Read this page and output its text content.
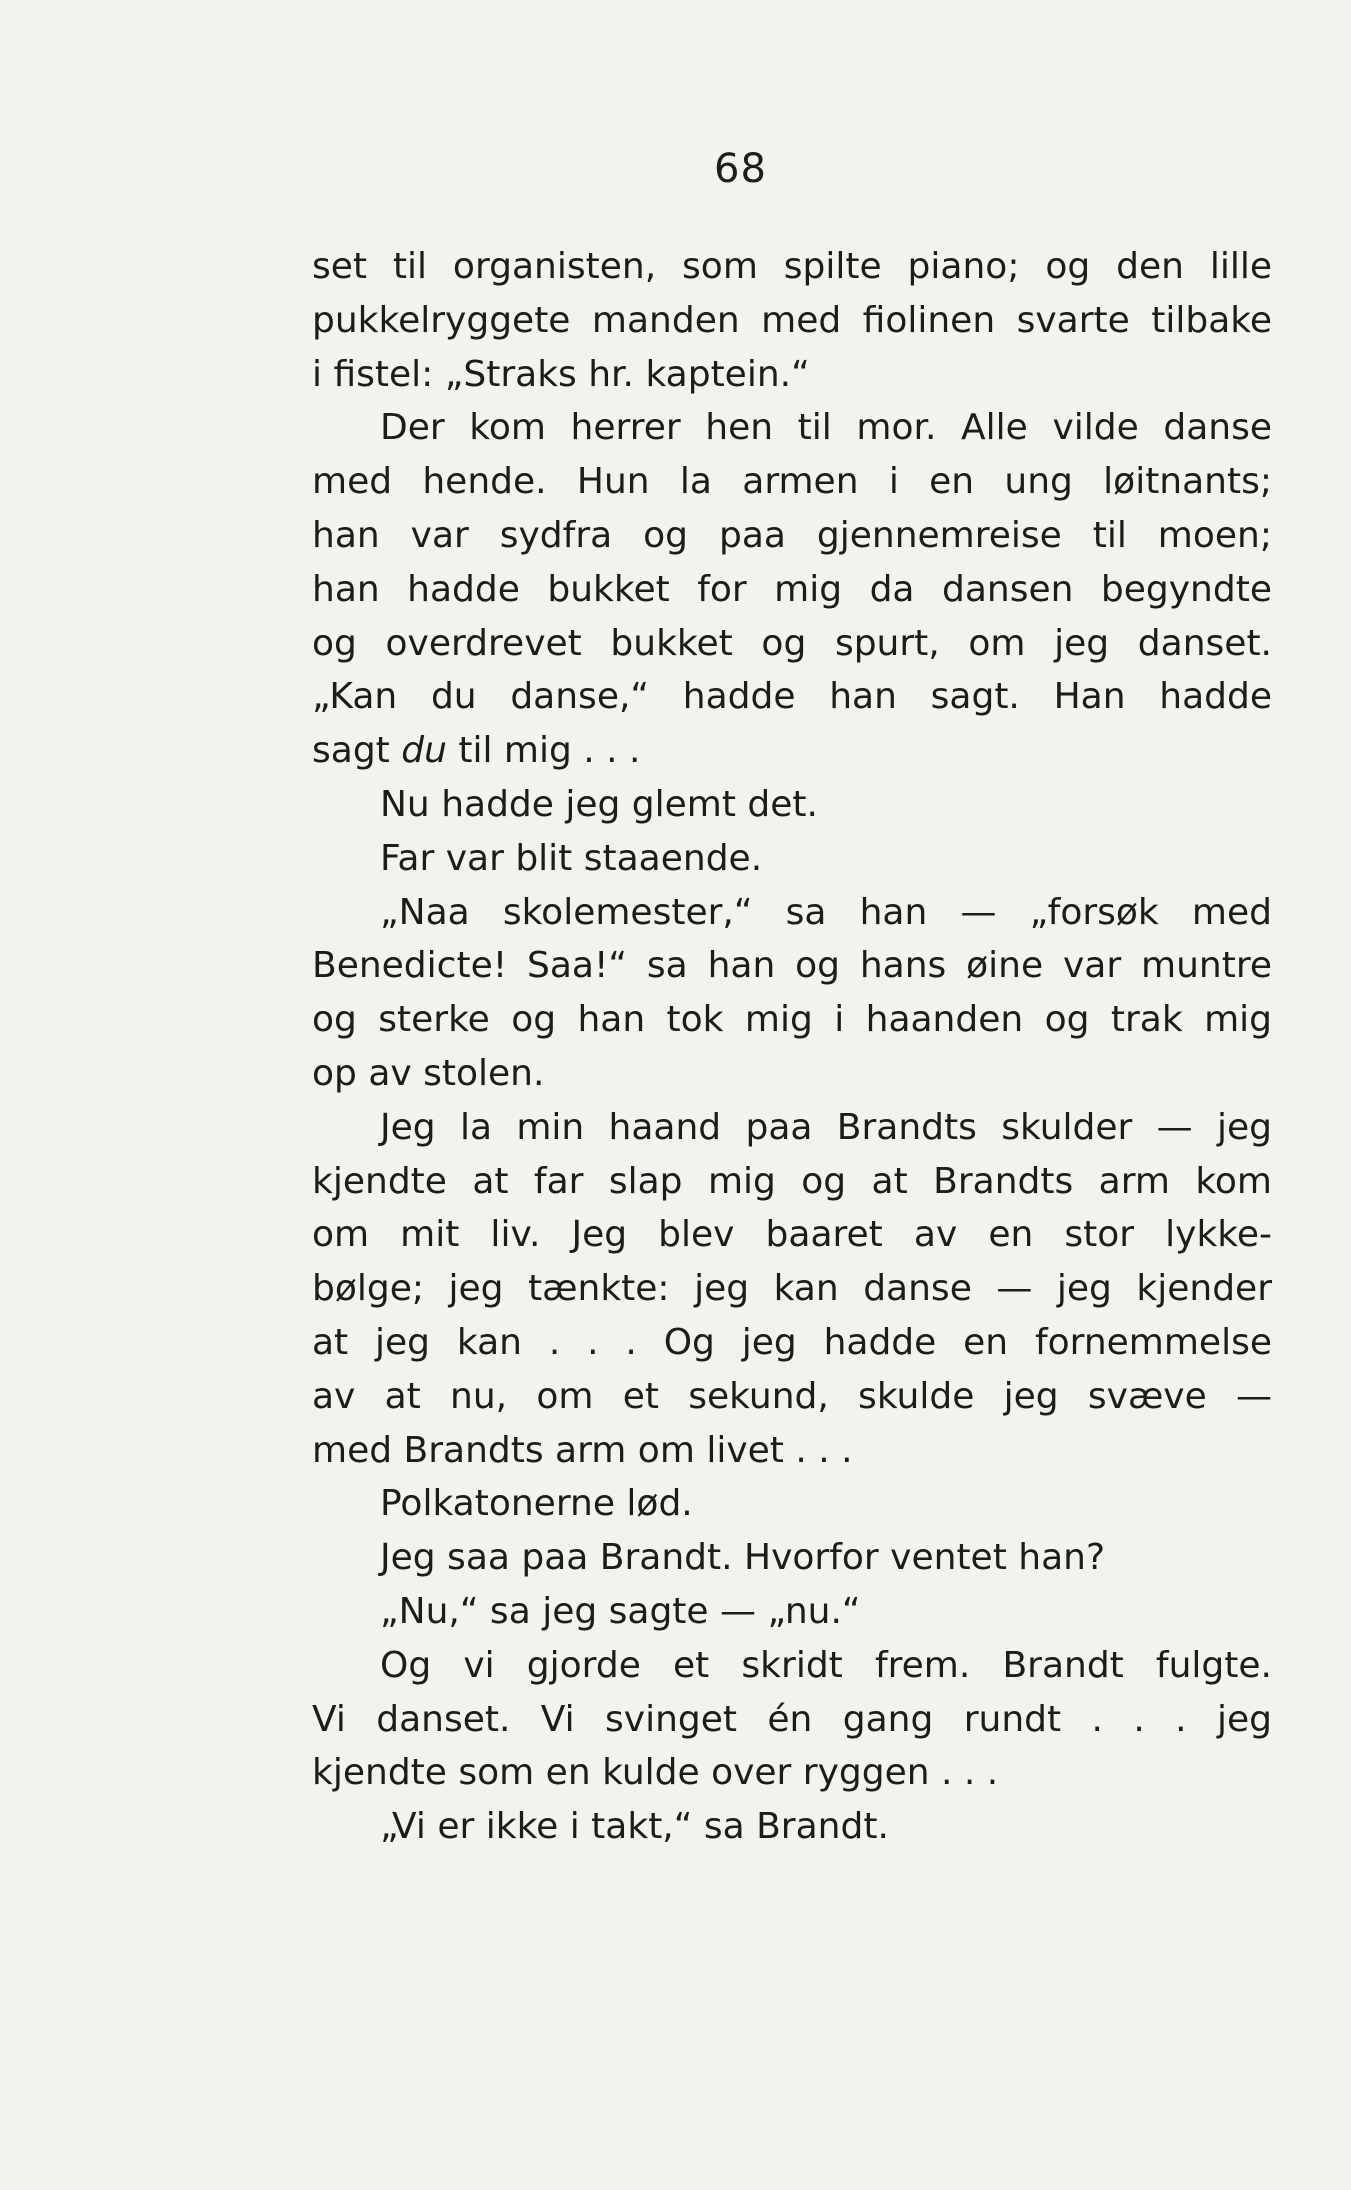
68
set til organisten, som spilte piano; og den lille
pukkelryggete manden med fiolinen svarte tilbake
i fistel: „Straks hr. kaptein.“
Der kom herrer hen til mor. Alle vilde danse
med hende. Hun la armen i en ung løitnants;
han var sydfra og paa gjennemreise til moen;
han hadde bukket for mig da dansen begyndte
og overdrevet bukket og spurt, om jeg danset.
„Kan du danse,“ hadde han sagt. Han hadde
sagt du til mig . . .
Nu hadde jeg glemt det.
Far var blit staaende.
„Naa skolemester,“ sa han — „forsøk med
Benedicte! Saa!“ sa han og hans øine var muntre
og sterke og han tok mig i haanden og trak mig
op av stolen.
Jeg la min haand paa Brandts skulder — jeg
kjendte at far slap mig og at Brandts arm kom
om mit liv. Jeg blev baaret av en stor lykke-
bølge; jeg tænkte: jeg kan danse — jeg kjender
at jeg kan . . . Og jeg hadde en fornemmelse
av at nu, om et sekund, skulde jeg svæve —
med Brandts arm om livet . . .
Polkatonerne lød.
Jeg saa paa Brandt. Hvorfor ventet han?
„Nu,“ sa jeg sagte — „nu.“
Og vi gjorde et skridt frem. Brandt fulgte.
Vi danset. Vi svinget én gang rundt . . . jeg
kjendte som en kulde over ryggen . . .
„Vi er ikke i takt,“ sa Brandt.
